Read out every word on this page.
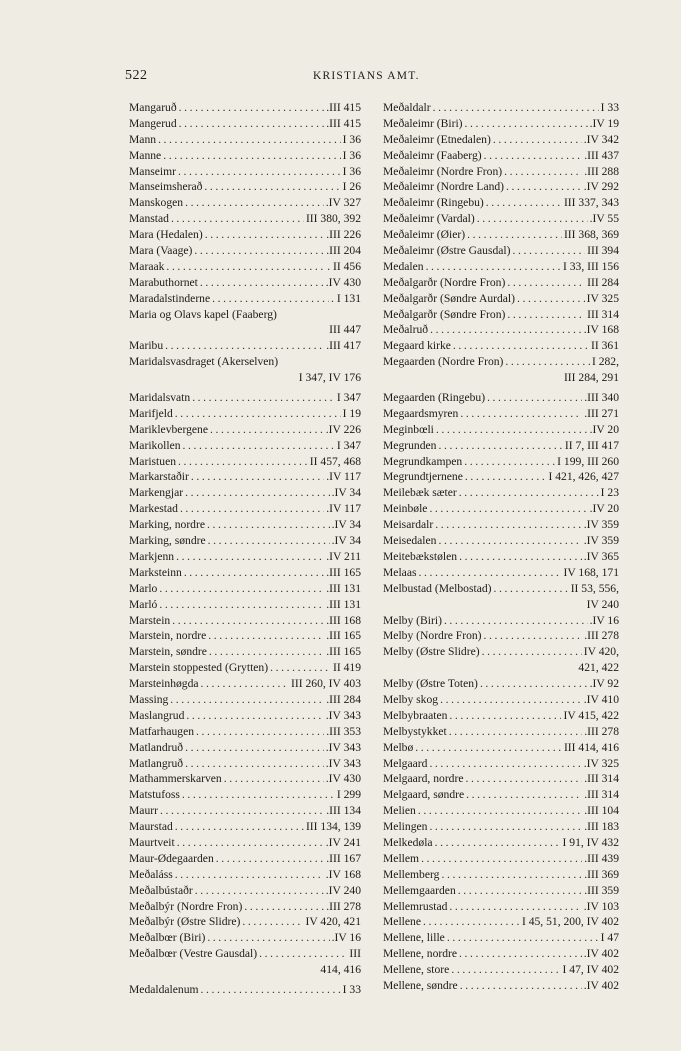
522	KRISTIANS AMT.
Mangaruð .....	.III 415
Mangerud .....	.III 415
Mann .....	I 36
Manne .....	I 36
Manseimr .....	I 36
Manseimsherað .....	I 26
Manskogen .....	.IV 327
Manstad .....	III 380, 392
Mara (Hedalen) .....	.III 226
Mara (Vaage) .....	.III 204
Maraak .....	. II 456
Marabuthornet .....	.IV 430
Maradalstinderne .....	. I 131
Maria og Olavs kapel (Faaberg)
III 447
Maribu .....	.III 417
Maridalsvasdraget (Akerselven)
I 347, IV 176
Maridalsvatn .....	I 347
Marifjeld .....	I 19
Mariklevbergene .....	.IV 226
Marikollen .....	I 347
Maristuen .....	II 457, 468
Markarstaðir .....	.IV 117
Markengjar .....	.IV 34
Markestad .....	.IV 117
Marking, nordre .....	.IV 34
Marking, søndre .....	.IV 34
Markjenn .....	.IV 211
Marksteinn .....	.III 165
Marlo .....	.III 131
Marló .....	.III 131
Marstein .....	.III 168
Marstein, nordre .....	.III 165
Marstein, søndre .....	.III 165
Marstein stoppested (Grytten) .....	II 419
Marsteinhøgda .....	III 260, IV 403
Massing .....	.III 284
Maslangrud .....	.IV 343
Matfarhaugen .....	.III 353
Matlandruð .....	.IV 343
Matlangruð .....	.IV 343
Mathammerskarven .....	.IV 430
Matstufoss .....	I 299
Maurr .....	.III 134
Maurstad .....	III 134, 139
Maurtveit .....	.IV 241
Maur-Ødegaarden .....	.III 167
Meðaláss .....	.IV 168
Meðalbústaðr .....	.IV 240
Meðalbýr (Nordre Fron) .....	.III 278
Meðalbýr (Østre Slidre) .....	IV 420, 421
Meðalbœr (Biri) .....	.IV 16
Meðalbœr (Vestre Gausdal) .....	III
414, 416
Medaldalenum .....	I 33
Meðaldalr .....	I 33
Meðaleimr (Biri) .....	.IV 19
Meðaleimr (Etnedalen) .....	.IV 342
Meðaleimr (Faaberg) .....	.III 437
Meðaleimr (Nordre Fron) .....	.III 288
Meðaleimr (Nordre Land) .....	.IV 292
Meðaleimr (Ringebu) .....	III 337, 343
Meðaleimr (Vardal) .....	.IV 55
Meðaleimr (Øier) .....	III 368, 369
Meðaleimr (Østre Gausdal) .....	III 394
Medalen .....	I 33, III 156
Meðalgarðr (Nordre Fron) .....	III 284
Meðalgarðr (Søndre Aurdal) .....	IV 325
Meðalgarðr (Søndre Fron) .....	III 314
Meðalruð .....	.IV 168
Megaard kirke .....	II 361
Megaarden (Nordre Fron) .....	I 282,
III 284, 291
Megaarden (Ringebu) .....	.III 340
Megaardsmyren .....	.III 271
Meginbœli .....	.IV 20
Megrunden .....	II 7, III 417
Megrundkampen .....	I 199, III 260
Megrundtjernene .....	I 421, 426, 427
Meilebæk sæter .....	I 23
Meinbøle .....	.IV 20
Meisardalr .....	.IV 359
Meisedalen .....	.IV 359
Meitebækstølen .....	.IV 365
Melaas .....	IV 168, 171
Melbustad (Melbostad) .....	II 53, 556,
IV 240
Melby (Biri) .....	.IV 16
Melby (Nordre Fron) .....	.III 278
Melby (Østre Slidre) .....	IV 420,
421, 422
Melby (Østre Toten) .....	.IV 92
Melby skog .....	.IV 410
Melbybraaten .....	IV 415, 422
Melbystykket .....	.III 278
Melbø .....	III 414, 416
Melgaard .....	.IV 325
Melgaard, nordre .....	.III 314
Melgaard, søndre .....	.III 314
Melien .....	.III 104
Melingen .....	.III 183
Melkedøla .....	I 91, IV 432
Mellem .....	.III 439
Mellemberg .....	.III 369
Mellemgaarden .....	.III 359
Mellemrustad .....	.IV 103
Mellene .....	I 45, 51, 200, IV 402
Mellene, lille .....	I 47
Mellene, nordre .....	.IV 402
Mellene, store .....	I 47, IV 402
Mellene, søndre .....	.IV 402
